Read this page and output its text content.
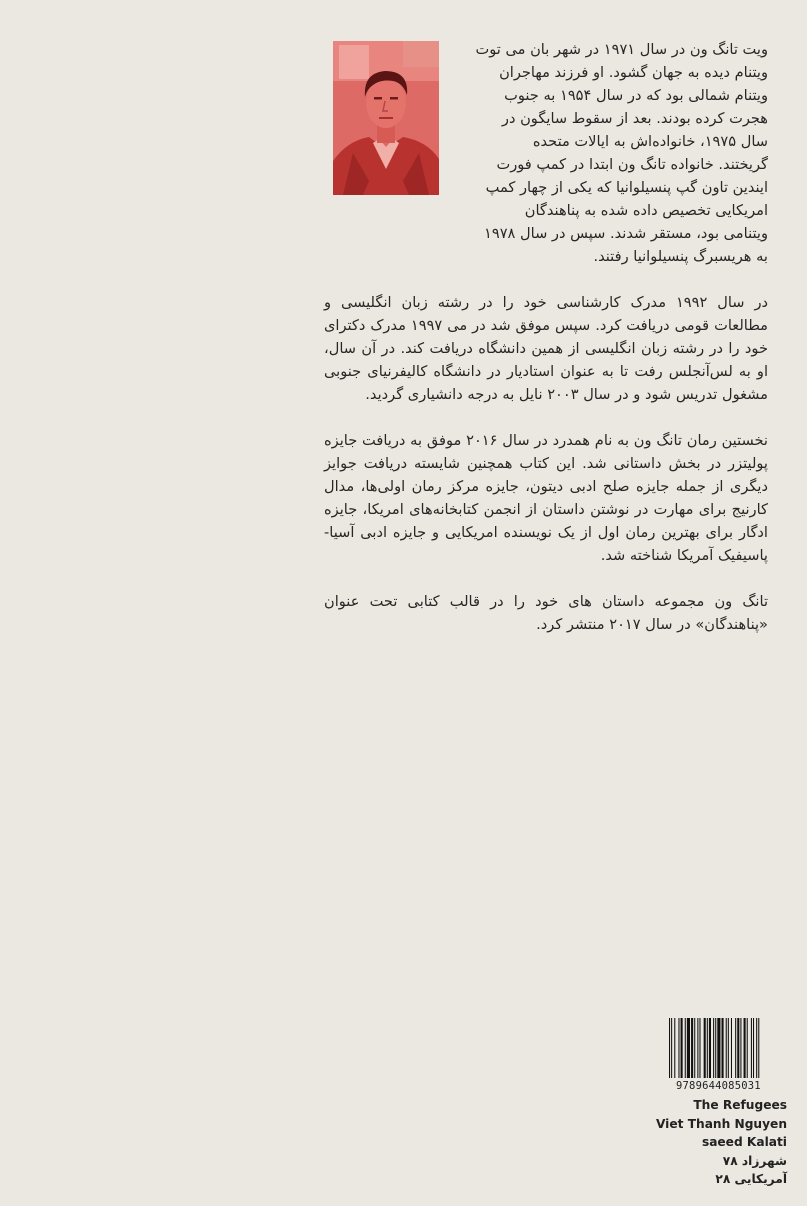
ویت تانگ ون در سال ۱۹۷۱ در شهر بان می توت
ویتنام دیده به جهان گشود. او فرزند مهاجران
ویتنام شمالی بود که در سال ۱۹۵۴ به جنوب
هجرت کرده بودند. بعد از سقوط سایگون در
سال ۱۹۷۵، خانواده‌اش به ایالات متحده
گریختند. خانواده تانگ ون ابتدا در کمپ فورت
ایندین تاون گپ پنسیلوانیا که یکی از چهار کمپ
امریکایی تخصیص داده شده به پناهندگان
ویتنامی بود، مستقر شدند. سپس در سال ۱۹۷۸
به هریسبرگ پنسیلوانیا رفتند.

در سال ۱۹۹۲ مدرک کارشناسی خود را در رشته زبان انگلیسی و مطالعات قومی دریافت کرد. سپس موفق شد در می ۱۹۹۷ مدرک دکترای خود را در رشته زبان انگلیسی از همین دانشگاه دریافت کند. در آن سال، او به لس‌آنجلس رفت تا به عنوان استادیار در دانشگاه کالیفرنیای جنوبی مشغول تدریس شود و در سال ۲۰۰۳ نایل به درجه دانشیاری گردید.

نخستین رمان تانگ ون به نام همدرد در سال ۲۰۱۶ موفق به دریافت جایزه پولیتزر در بخش داستانی شد. این کتاب همچنین شایسته دریافت جوایز دیگری از جمله جایزه صلح ادبی دیتون، جایزه مرکز رمان اولی‌ها، مدال کارنیج برای مهارت در نوشتن داستان از انجمن کتابخانه‌های امریکا، جایزه ادگار برای بهترین رمان اول از یک نویسنده امریکایی و جایزه ادبی آسیا-پاسیفیک آمریکا شناخته شد.

تانگ ون مجموعه داستان های خود را در قالب کتابی تحت عنوان «پناهندگان» در سال ۲۰۱۷ منتشر کرد.

9789644085031
The Refugees
Viet Thanh Nguyen
saeed Kalati
شهرزاد ۷۸
آمریکایی ۲۸
